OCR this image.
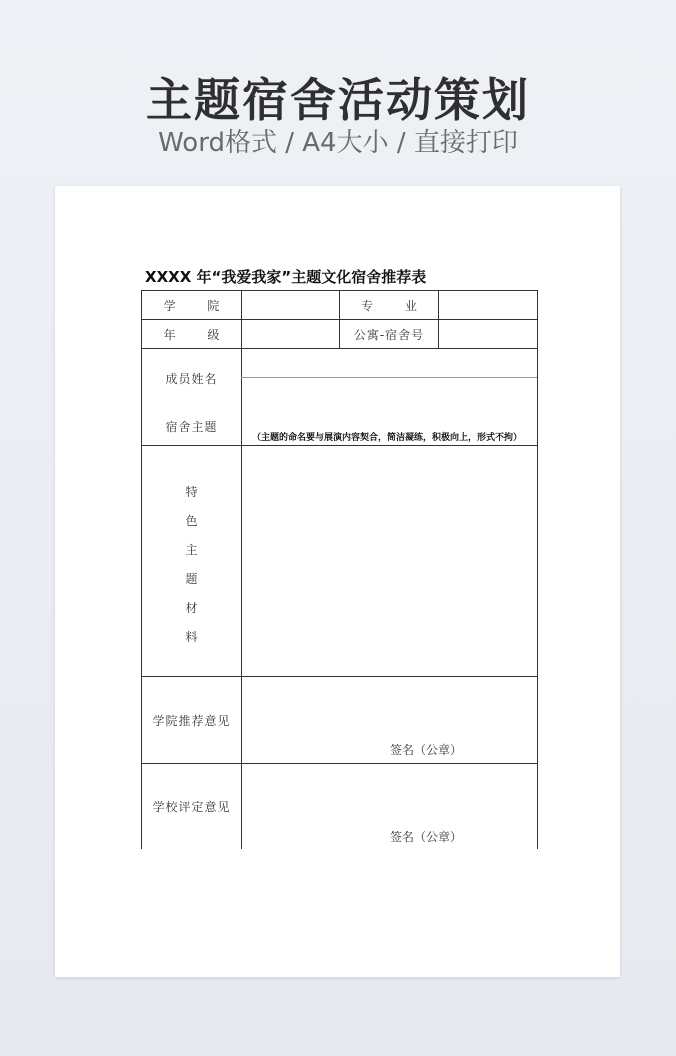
主题宿舍活动策划
Word格式 / A4大小 / 直接打印
XXXX 年“我爱我家”主题文化宿舍推荐表
学 院	专 业
年 级	公寓-宿舍号
成员姓名
宿舍主题
（主题的命名要与展演内容契合，简洁凝练，积极向上，形式不拘）
特
色
主
题
材
料
学院推荐意见
签名（公章）
学校评定意见
签名（公章）
